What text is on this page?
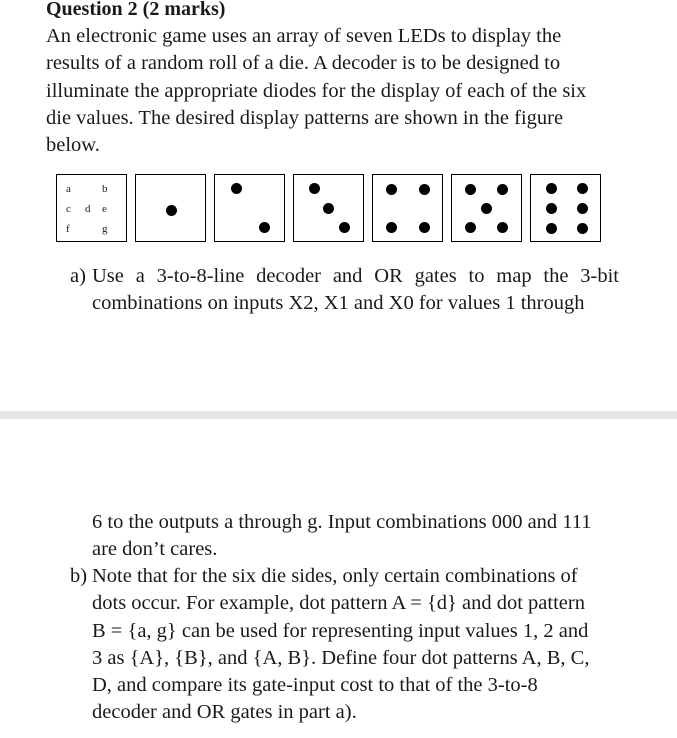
Question 2 (2 marks)
An electronic game uses an array of seven LEDs to display the
results of a random roll of a die. A decoder is to be designed to
illuminate the appropriate diodes for the display of each of the six
die values. The desired display patterns are shown in the figure
below.
a	b
c d e
f	g
a) Use a 3-to-8-line decoder and OR gates to map the 3-bit
combinations on inputs X2, X1 and X0 for values 1 through
6 to the outputs a through g. Input combinations 000 and 111
are don’t cares.
b) Note that for the six die sides, only certain combinations of
dots occur. For example, dot pattern A = {d} and dot pattern
B = {a, g} can be used for representing input values 1, 2 and
3 as {A}, {B}, and {A, B}. Define four dot patterns A, B, C,
D, and compare its gate-input cost to that of the 3-to-8
decoder and OR gates in part a).
